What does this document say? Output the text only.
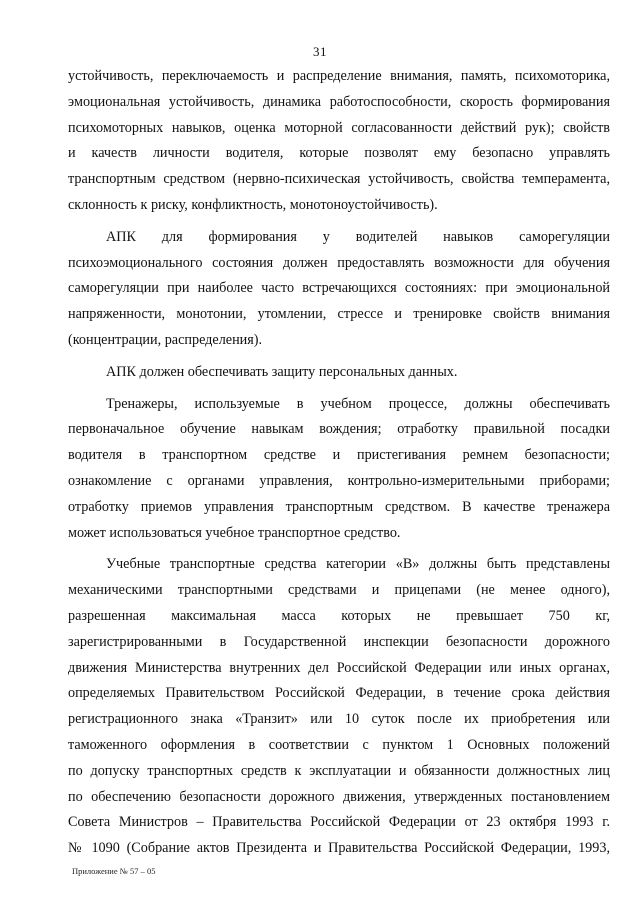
31
устойчивость, переключаемость и распределение внимания, память, психомоторика,
эмоциональная устойчивость, динамика работоспособности, скорость формирования
психомоторных навыков, оценка моторной согласованности действий рук); свойств
и качеств личности водителя, которые позволят ему безопасно управлять
транспортным средством (нервно-психическая устойчивость, свойства темперамента,
склонность к риску, конфликтность, монотоноустойчивость).
АПК для формирования у водителей навыков саморегуляции
психоэмоционального состояния должен предоставлять возможности для обучения
саморегуляции при наиболее часто встречающихся состояниях: при эмоциональной
напряженности, монотонии, утомлении, стрессе и тренировке свойств внимания
(концентрации, распределения).
АПК должен обеспечивать защиту персональных данных.
Тренажеры, используемые в учебном процессе, должны обеспечивать
первоначальное обучение навыкам вождения; отработку правильной посадки
водителя в транспортном средстве и пристегивания ремнем безопасности;
ознакомление с органами управления, контрольно-измерительными приборами;
отработку приемов управления транспортным средством. В качестве тренажера
может использоваться учебное транспортное средство.
Учебные транспортные средства категории «B» должны быть представлены
механическими транспортными средствами и прицепами (не менее одного),
разрешенная максимальная масса которых не превышает 750 кг,
зарегистрированными в Государственной инспекции безопасности дорожного
движения Министерства внутренних дел Российской Федерации или иных органах,
определяемых Правительством Российской Федерации, в течение срока действия
регистрационного знака «Транзит» или 10 суток после их приобретения или
таможенного оформления в соответствии с пунктом 1 Основных положений
по допуску транспортных средств к эксплуатации и обязанности должностных лиц
по обеспечению безопасности дорожного движения, утвержденных постановлением
Совета Министров – Правительства Российской Федерации от 23 октября 1993 г.
№ 1090 (Собрание актов Президента и Правительства Российской Федерации, 1993,
Приложение № 57 – 05
